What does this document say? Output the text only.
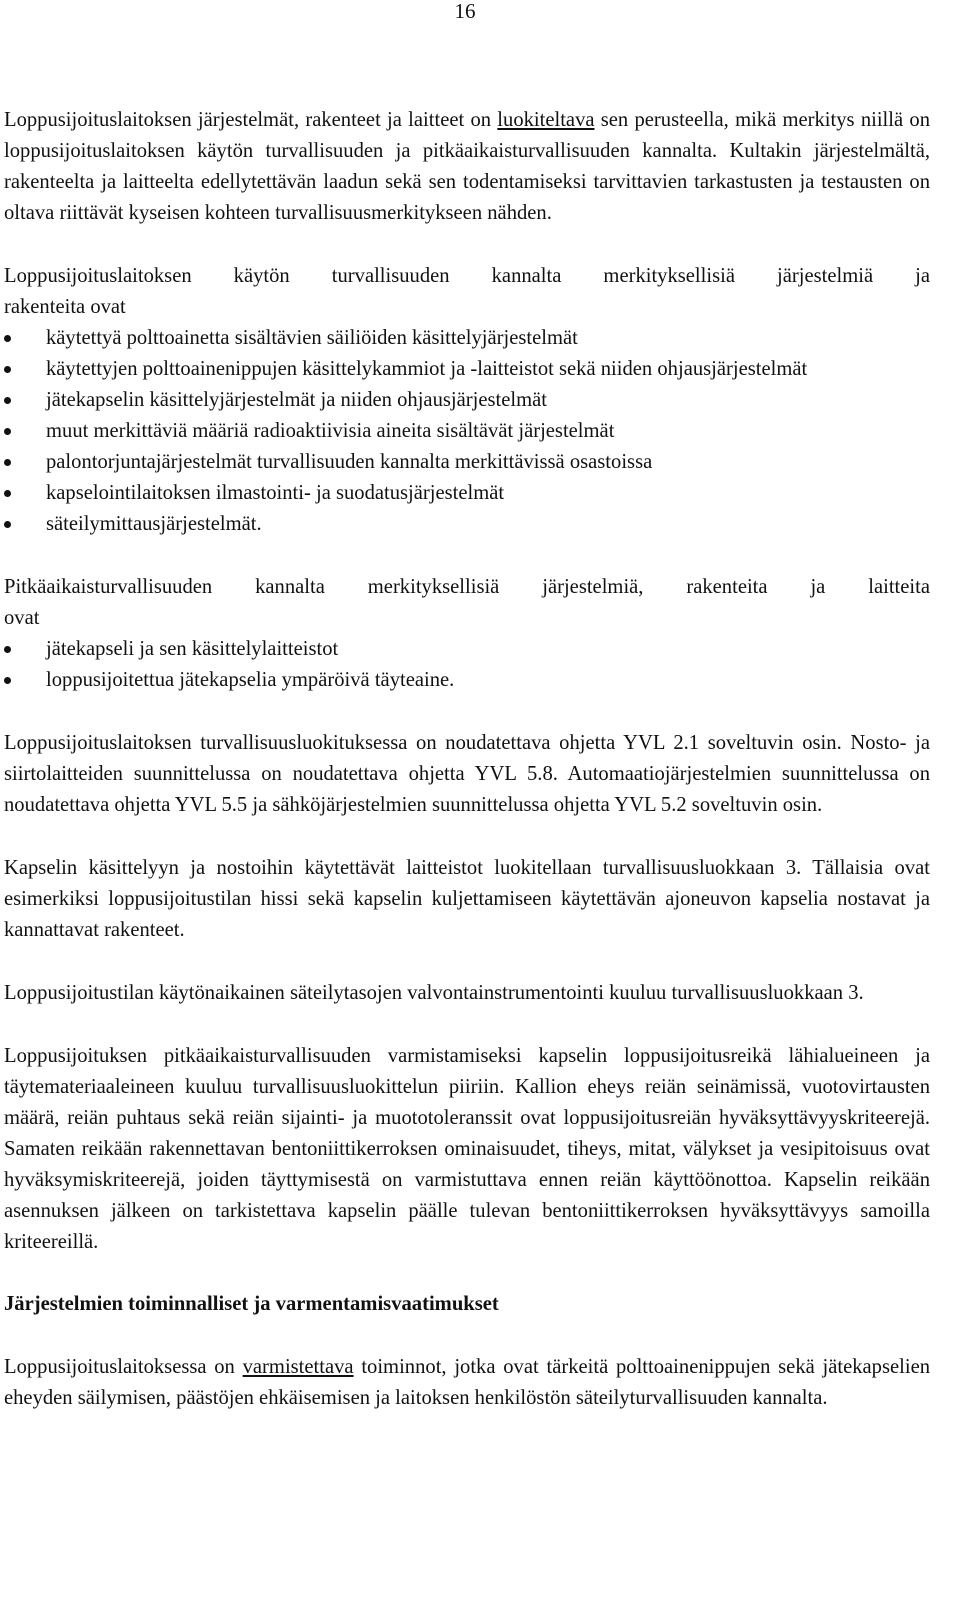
16

Loppusijoituslaitoksen järjestelmät, rakenteet ja laitteet on luokiteltava sen perusteella, mikä merkitys niillä on loppusijoituslaitoksen käytön turvallisuuden ja pitkäaikaisturvallisuuden kannalta. Kultakin järjestelmältä, rakenteelta ja laitteelta edellytettävän laadun sekä sen todentamiseksi tarvittavien tarkastusten ja testausten on oltava riittävät kyseisen kohteen turvallisuusmerkitykseen nähden.

Loppusijoituslaitoksen käytön turvallisuuden kannalta merkityksellisiä järjestelmiä ja

rakenteita ovat

käytettyä polttoainetta sisältävien säiliöiden käsittelyjärjestelmät
käytettyjen polttoainenippujen käsittelykammiot ja -laitteistot sekä niiden ohjausjärjestelmät
jätekapselin käsittelyjärjestelmät ja niiden ohjausjärjestelmät
muut merkittäviä määriä radioaktiivisia aineita sisältävät järjestelmät
palontorjuntajärjestelmät turvallisuuden kannalta merkittävissä osastoissa
kapselointilaitoksen ilmastointi- ja suodatusjärjestelmät
säteilymittausjärjestelmät.

Pitkäaikaisturvallisuuden kannalta merkityksellisiä järjestelmiä, rakenteita ja laitteita

ovat

jätekapseli ja sen käsittelylaitteistot
loppusijoitettua jätekapselia ympäröivä täyteaine.

Loppusijoituslaitoksen turvallisuusluokituksessa on noudatettava ohjetta YVL 2.1 soveltuvin osin. Nosto- ja siirtolaitteiden suunnittelussa on noudatettava ohjetta YVL 5.8. Automaatiojärjestelmien suunnittelussa on noudatettava ohjetta YVL 5.5 ja sähköjärjestelmien suunnittelussa ohjetta YVL 5.2 soveltuvin osin.

Kapselin käsittelyyn ja nostoihin käytettävät laitteistot luokitellaan turvallisuusluokkaan 3. Tällaisia ovat esimerkiksi loppusijoitustilan hissi sekä kapselin kuljettamiseen käytettävän ajoneuvon kapselia nostavat ja kannattavat rakenteet.

Loppusijoitustilan käytönaikainen säteilytasojen valvontainstrumentointi kuuluu turvallisuusluokkaan 3.

Loppusijoituksen pitkäaikaisturvallisuuden varmistamiseksi kapselin loppusijoitusreikä lähialueineen ja täytemateriaaleineen kuuluu turvallisuusluokittelun piiriin. Kallion eheys reiän seinämissä, vuotovirtausten määrä, reiän puhtaus sekä reiän sijainti- ja muototoleranssit ovat loppusijoitusreiän hyväksyttävyyskriteerejä. Samaten reikään rakennettavan bentoniittikerroksen ominaisuudet, tiheys, mitat, välykset ja vesipitoisuus ovat hyväksymiskriteerejä, joiden täyttymisestä on varmistuttava ennen reiän käyttöönottoa. Kapselin reikään asennuksen jälkeen on tarkistettava kapselin päälle tulevan bentoniittikerroksen hyväksyttävyys samoilla kriteereillä.

Järjestelmien toiminnalliset ja varmentamisvaatimukset

Loppusijoituslaitoksessa on varmistettava toiminnot, jotka ovat tärkeitä polttoainenippujen sekä jätekapselien eheyden säilymisen, päästöjen ehkäisemisen ja laitoksen henkilöstön säteilyturvallisuuden kannalta.
